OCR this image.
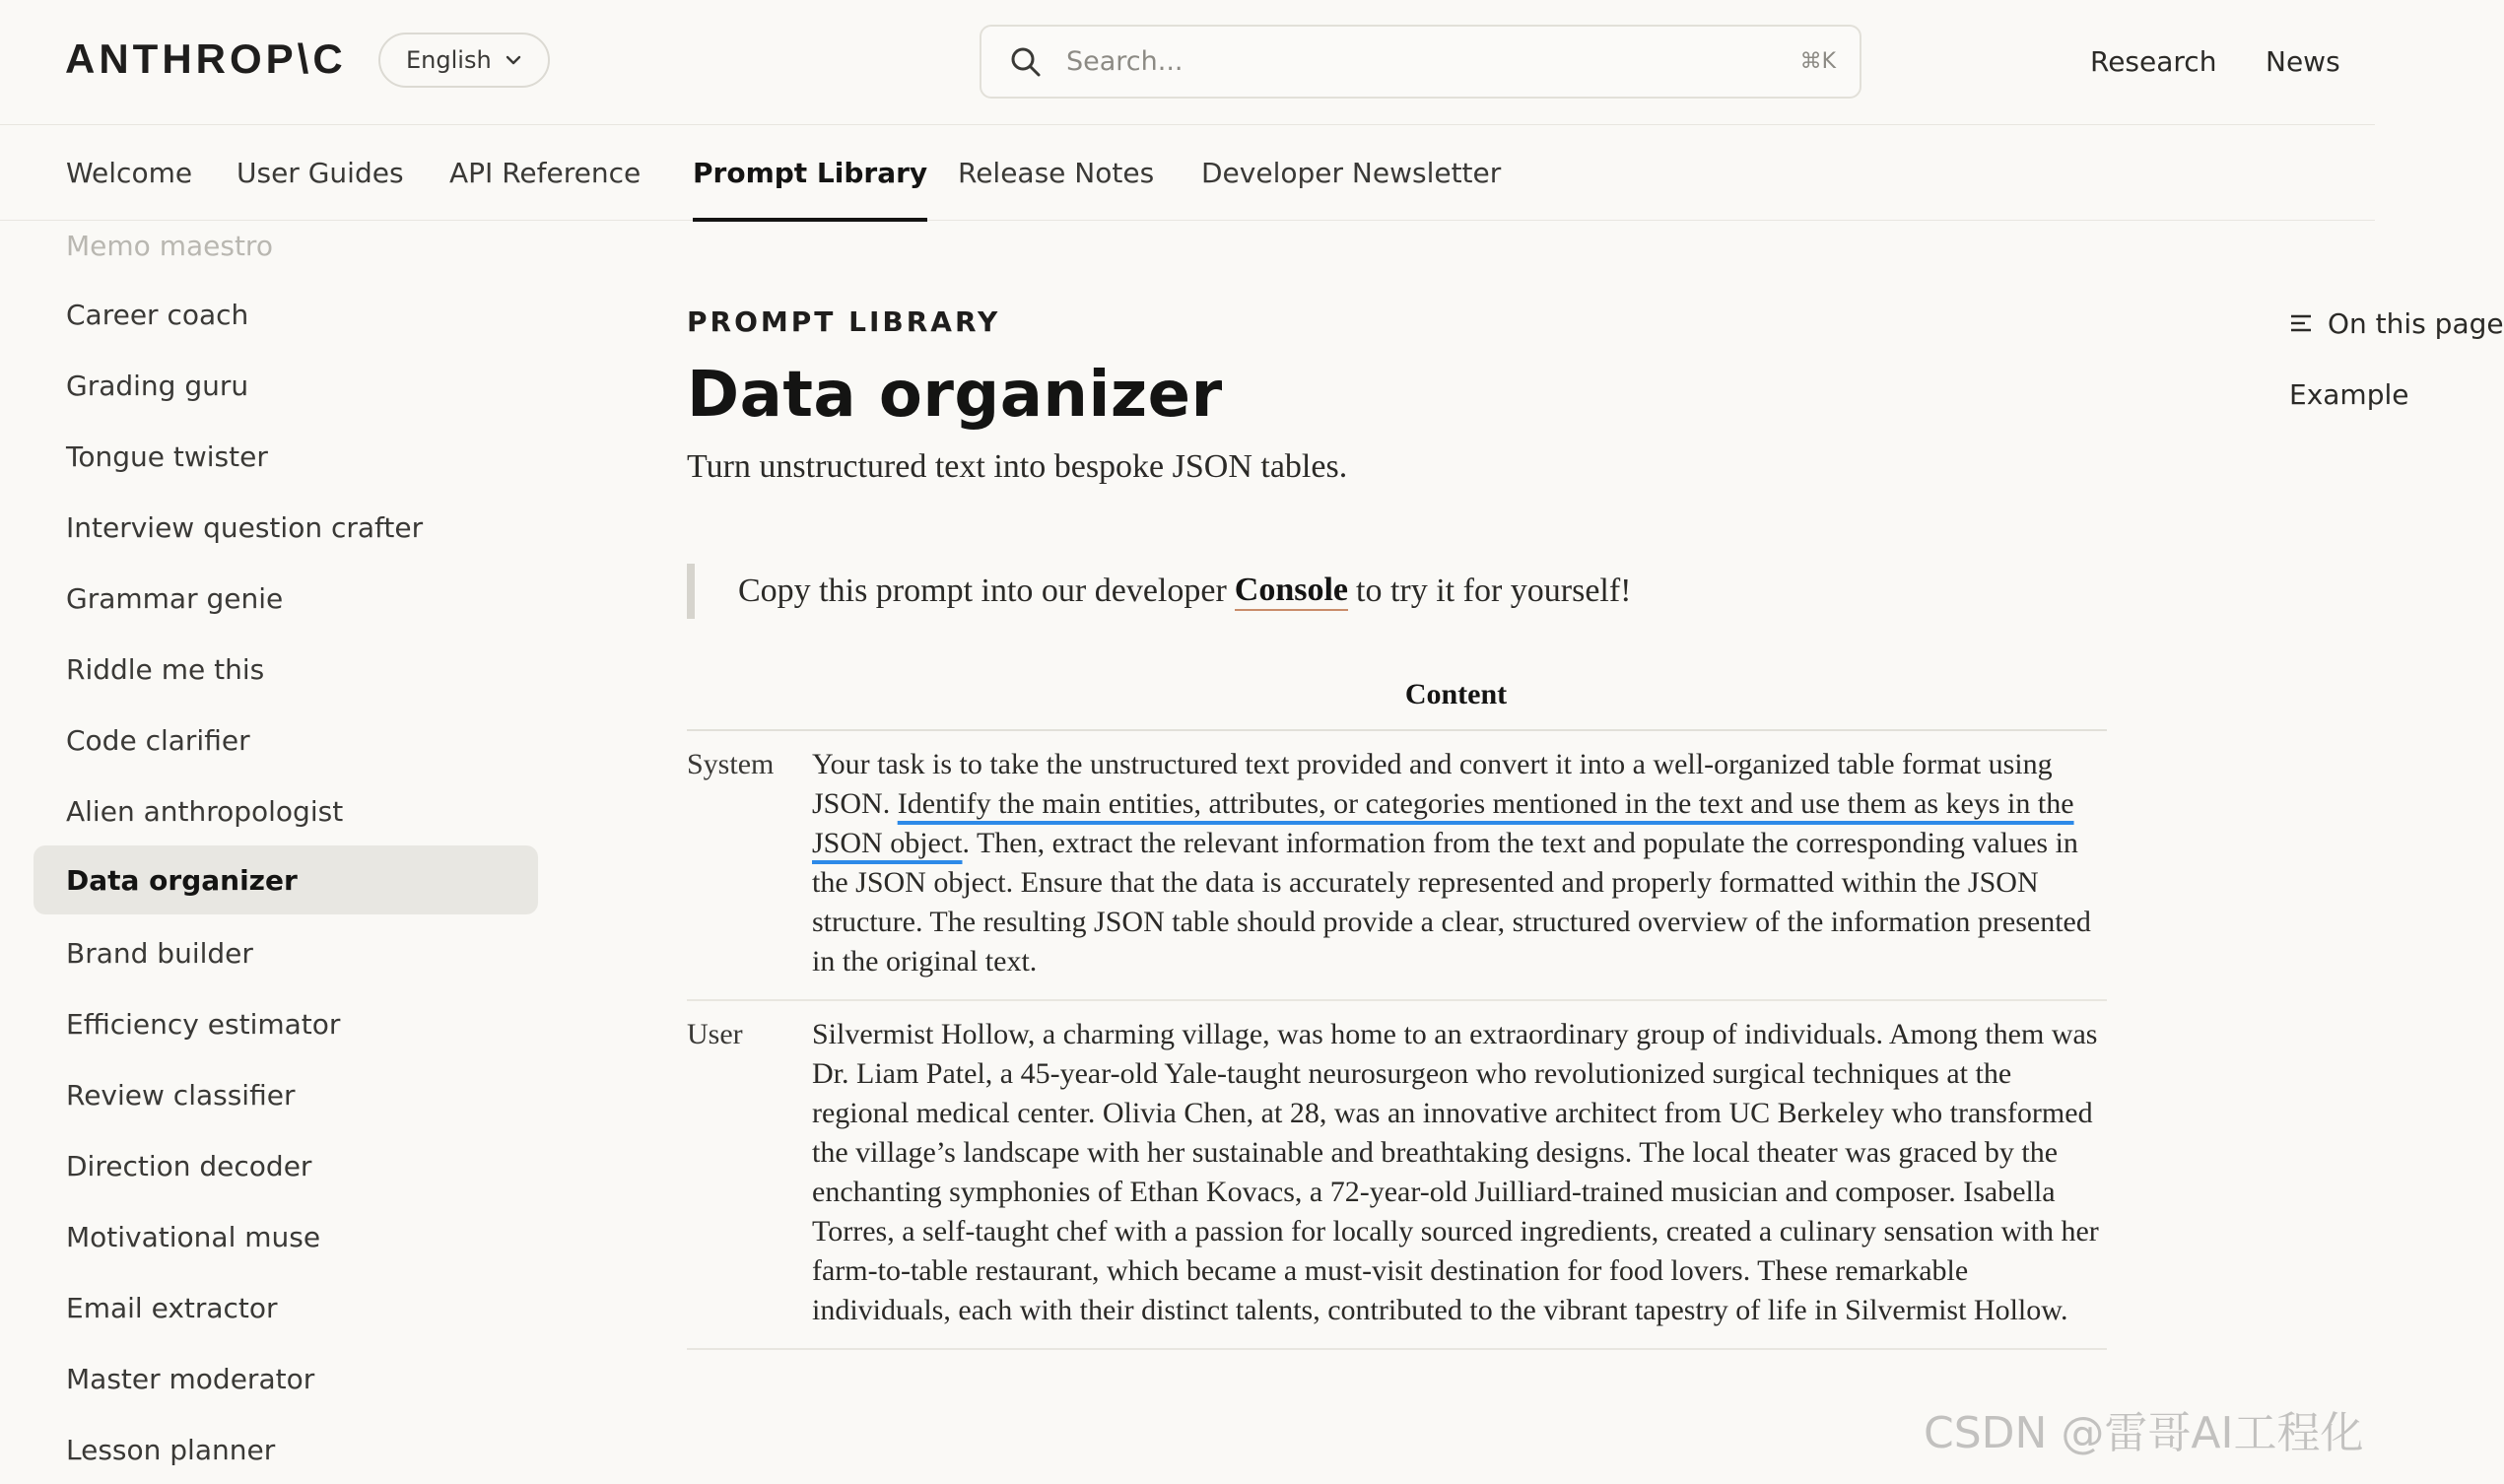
ANTHROP\C	English	Search...	⌘K	Research News
Welcome User Guides API Reference Prompt Library Release Notes Developer Newsletter
Memo maestro
Career coach
Grading guru
Tongue twister
Interview question crafter
Grammar genie
Riddle me this
Code clarifier
Alien anthropologist
Data organizer
Brand builder
Efficiency estimator
Review classifier
Direction decoder
Motivational muse
Email extractor
Master moderator
Lesson planner
PROMPT LIBRARY
Data organizer
Turn unstructured text into bespoke JSON tables.
Copy this prompt into our developer Console to try it for yourself!
Content
System	Your task is to take the unstructured text provided and convert it into a well-organized table format using JSON. Identify the main entities, attributes, or categories mentioned in the text and use them as keys in the JSON object. Then, extract the relevant information from the text and populate the corresponding values in the JSON object. Ensure that the data is accurately represented and properly formatted within the JSON structure. The resulting JSON table should provide a clear, structured overview of the information presented in the original text.
User	Silvermist Hollow, a charming village, was home to an extraordinary group of individuals. Among them was Dr. Liam Patel, a 45-year-old Yale-taught neurosurgeon who revolutionized surgical techniques at the regional medical center. Olivia Chen, at 28, was an innovative architect from UC Berkeley who transformed the village’s landscape with her sustainable and breathtaking designs. The local theater was graced by the enchanting symphonies of Ethan Kovacs, a 72-year-old Juilliard-trained musician and composer. Isabella Torres, a self-taught chef with a passion for locally sourced ingredients, created a culinary sensation with her farm-to-table restaurant, which became a must-visit destination for food lovers. These remarkable individuals, each with their distinct talents, contributed to the vibrant tapestry of life in Silvermist Hollow.
On this page
Example
CSDN @雷哥AI工程化
